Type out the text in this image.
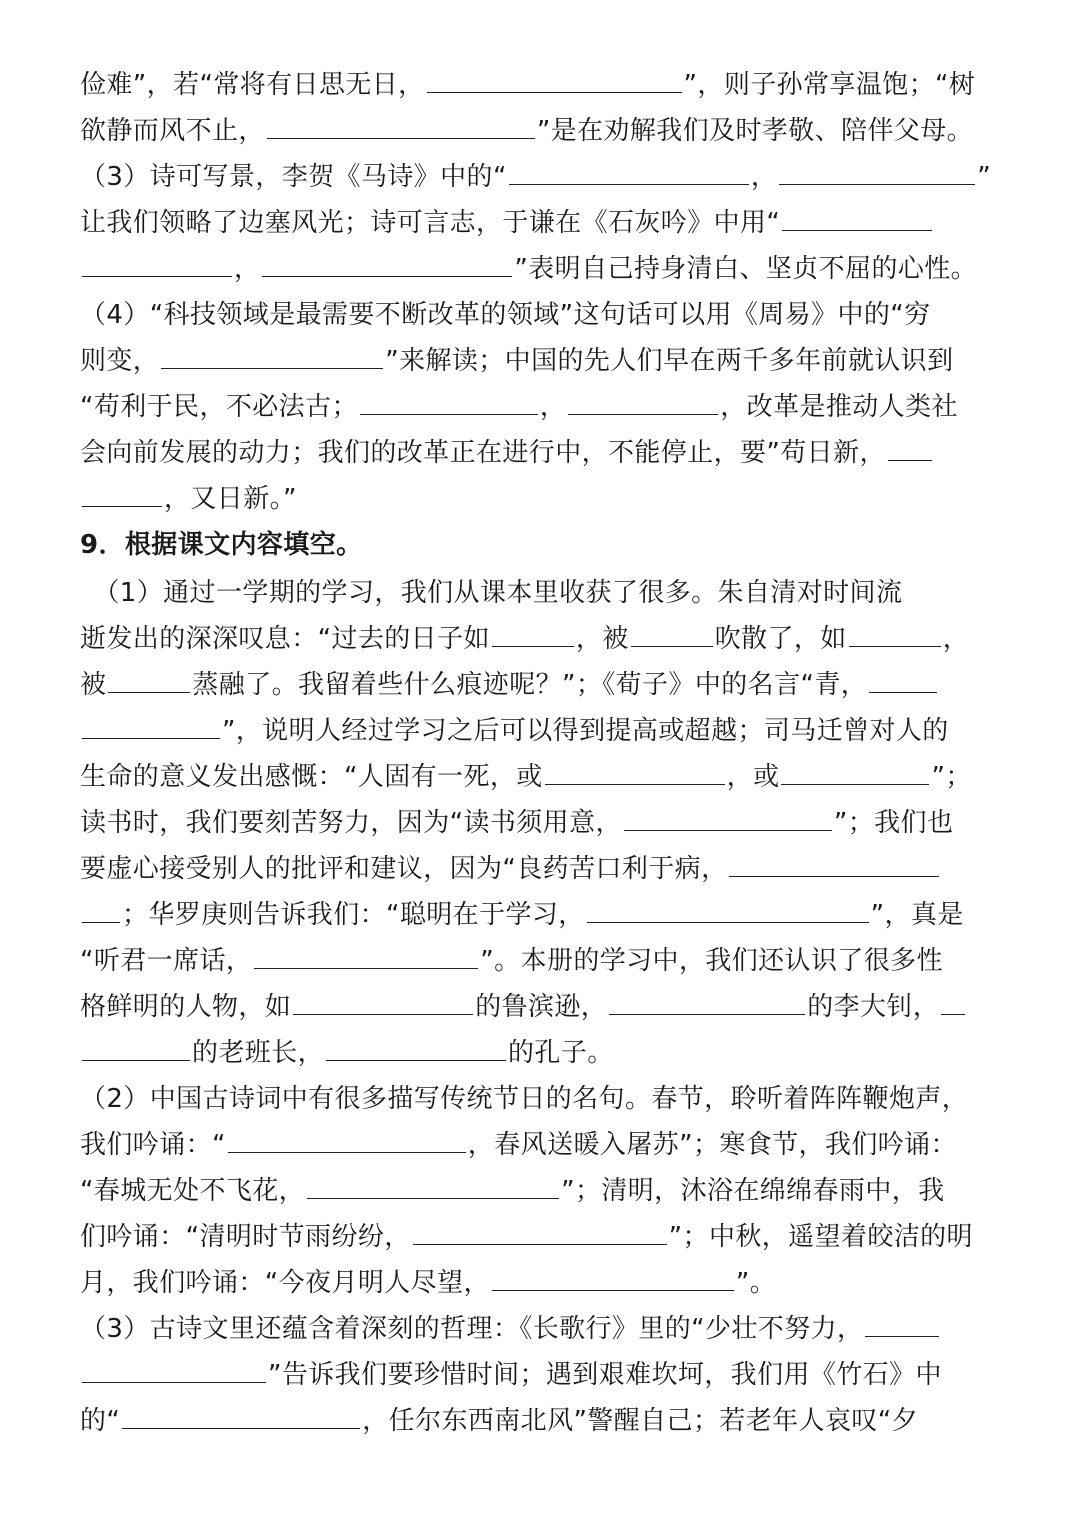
俭难”，若“常将有日思无日，	”，则子孙常享温饱；“树
欲静而风不止，	”是在劝解我们及时孝敬、陪伴父母。
（3）诗可写景，李贺《马诗》中的“	，	”
让我们领略了边塞风光；诗可言志，于谦在《石灰吟》中用“
，	”表明自己持身清白、坚贞不屈的心性。
（4）“科技领域是最需要不断改革的领域”这句话可以用《周易》中的“穷
则变，	”来解读；中国的先人们早在两千多年前就认识到
“苟利于民，不必法古；	，	，改革是推动人类社
会向前发展的动力；我们的改革正在进行中，不能停止，要”苟日新，
，又日新。”
9．根据课文内容填空。
　（1）通过一学期的学习，我们从课本里收获了很多。朱自清对时间流
逝发出的深深叹息：“过去的日子如	，被	吹散了，如	，
被	蒸融了。我留着些什么痕迹呢？”；《荀子》中的名言“青，
”，说明人经过学习之后可以得到提高或超越；司马迁曾对人的
生命的意义发出感慨：“人固有一死，或	，或	”；
读书时，我们要刻苦努力，因为“读书须用意，	”；我们也
要虚心接受别人的批评和建议，因为“良药苦口利于病，
；华罗庚则告诉我们：“聪明在于学习，	”，真是
“听君一席话，	”。本册的学习中，我们还认识了很多性
格鲜明的人物，如	的鲁滨逊，	的李大钊，
的老班长，	的孔子。
（2）中国古诗词中有很多描写传统节日的名句。春节，聆听着阵阵鞭炮声，
我们吟诵：“	，春风送暖入屠苏”；寒食节，我们吟诵：
“春城无处不飞花，	”；清明，沐浴在绵绵春雨中，我
们吟诵：“清明时节雨纷纷，	”；中秋，遥望着皎洁的明
月，我们吟诵：“今夜月明人尽望，	”。
（3）古诗文里还蕴含着深刻的哲理：《长歌行》里的“少壮不努力，
”告诉我们要珍惜时间；遇到艰难坎坷，我们用《竹石》中
的“	，任尔东西南北风”警醒自己；若老年人哀叹“夕
